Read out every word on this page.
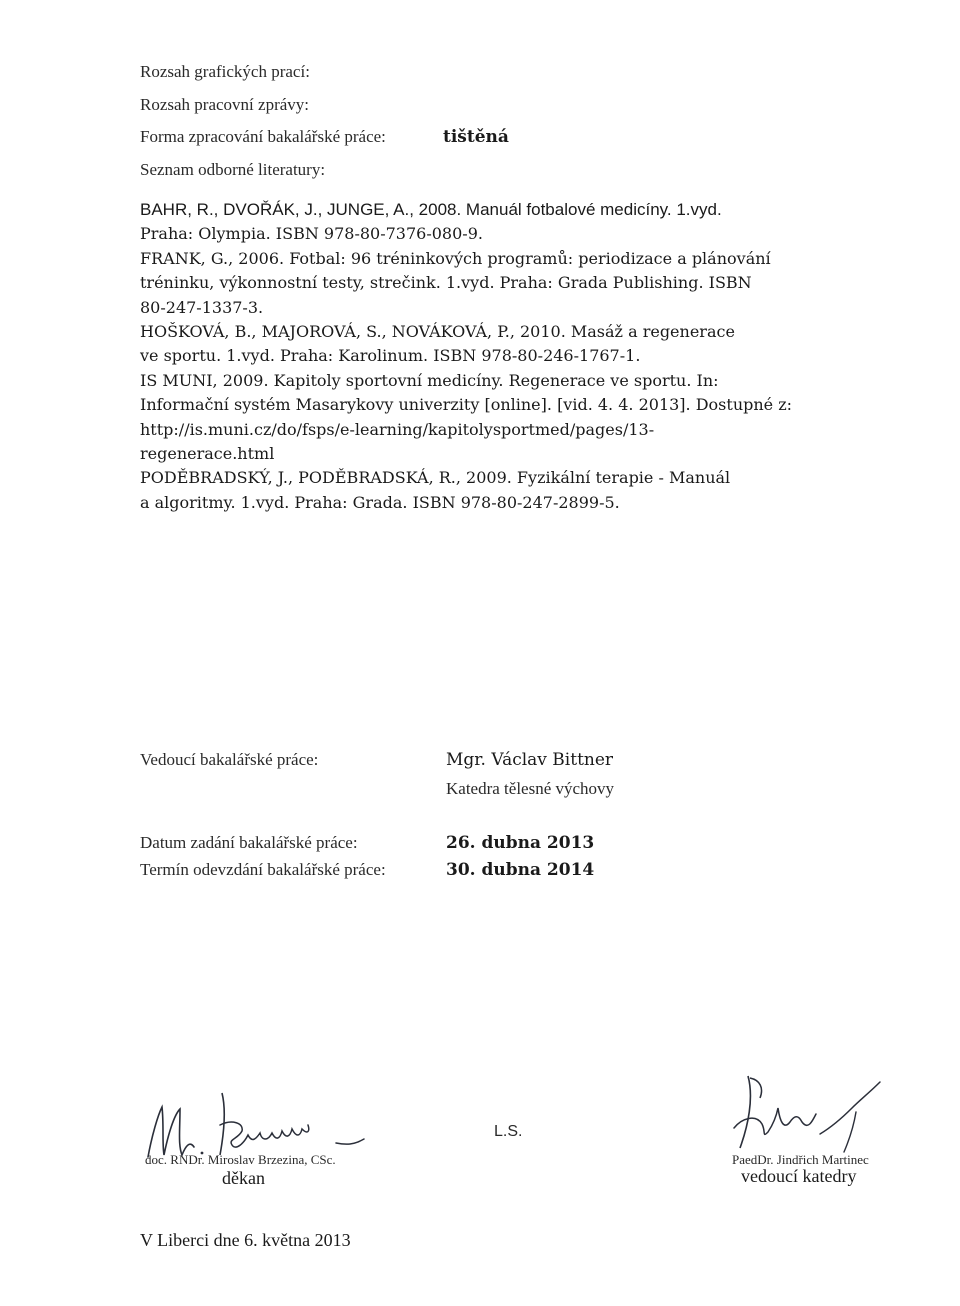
Rozsah grafických prací:
Rozsah pracovní zprávy:
Forma zpracování bakalářské práce:	tištěná
Seznam odborné literatury:
BAHR, R., DVOŘÁK, J., JUNGE, A., 2008. Manuál fotbalové medicíny. 1.vyd.
Praha: Olympia. ISBN 978-80-7376-080-9.
FRANK, G., 2006. Fotbal: 96 tréninkových programů: periodizace a plánování
tréninku, výkonnostní testy, strečink. 1.vyd. Praha: Grada Publishing. ISBN
80-247-1337-3.
HOŠKOVÁ, B., MAJOROVÁ, S., NOVÁKOVÁ, P., 2010. Masáž a regenerace
ve sportu. 1.vyd. Praha: Karolinum. ISBN 978-80-246-1767-1.
IS MUNI, 2009. Kapitoly sportovní medicíny. Regenerace ve sportu. In:
Informační systém Masarykovy univerzity [online]. [vid. 4. 4. 2013]. Dostupné z:
http://is.muni.cz/do/fsps/e-learning/kapitolysportmed/pages/13-
regenerace.html
PODĚBRADSKÝ, J., PODĚBRADSKÁ, R., 2009. Fyzikální terapie - Manuál
a algoritmy. 1.vyd. Praha: Grada. ISBN 978-80-247-2899-5.
Vedoucí bakalářské práce:	Mgr. Václav Bittner
Katedra tělesné výchovy
Datum zadání bakalářské práce:	26. dubna 2013
Termín odevzdání bakalářské práce:	30. dubna 2014
doc. RNDr. Miroslav Brzezina, CSc.
děkan
L.S.
PaedDr. Jindřich Martinec
vedoucí katedry
V Liberci dne 6. května 2013
